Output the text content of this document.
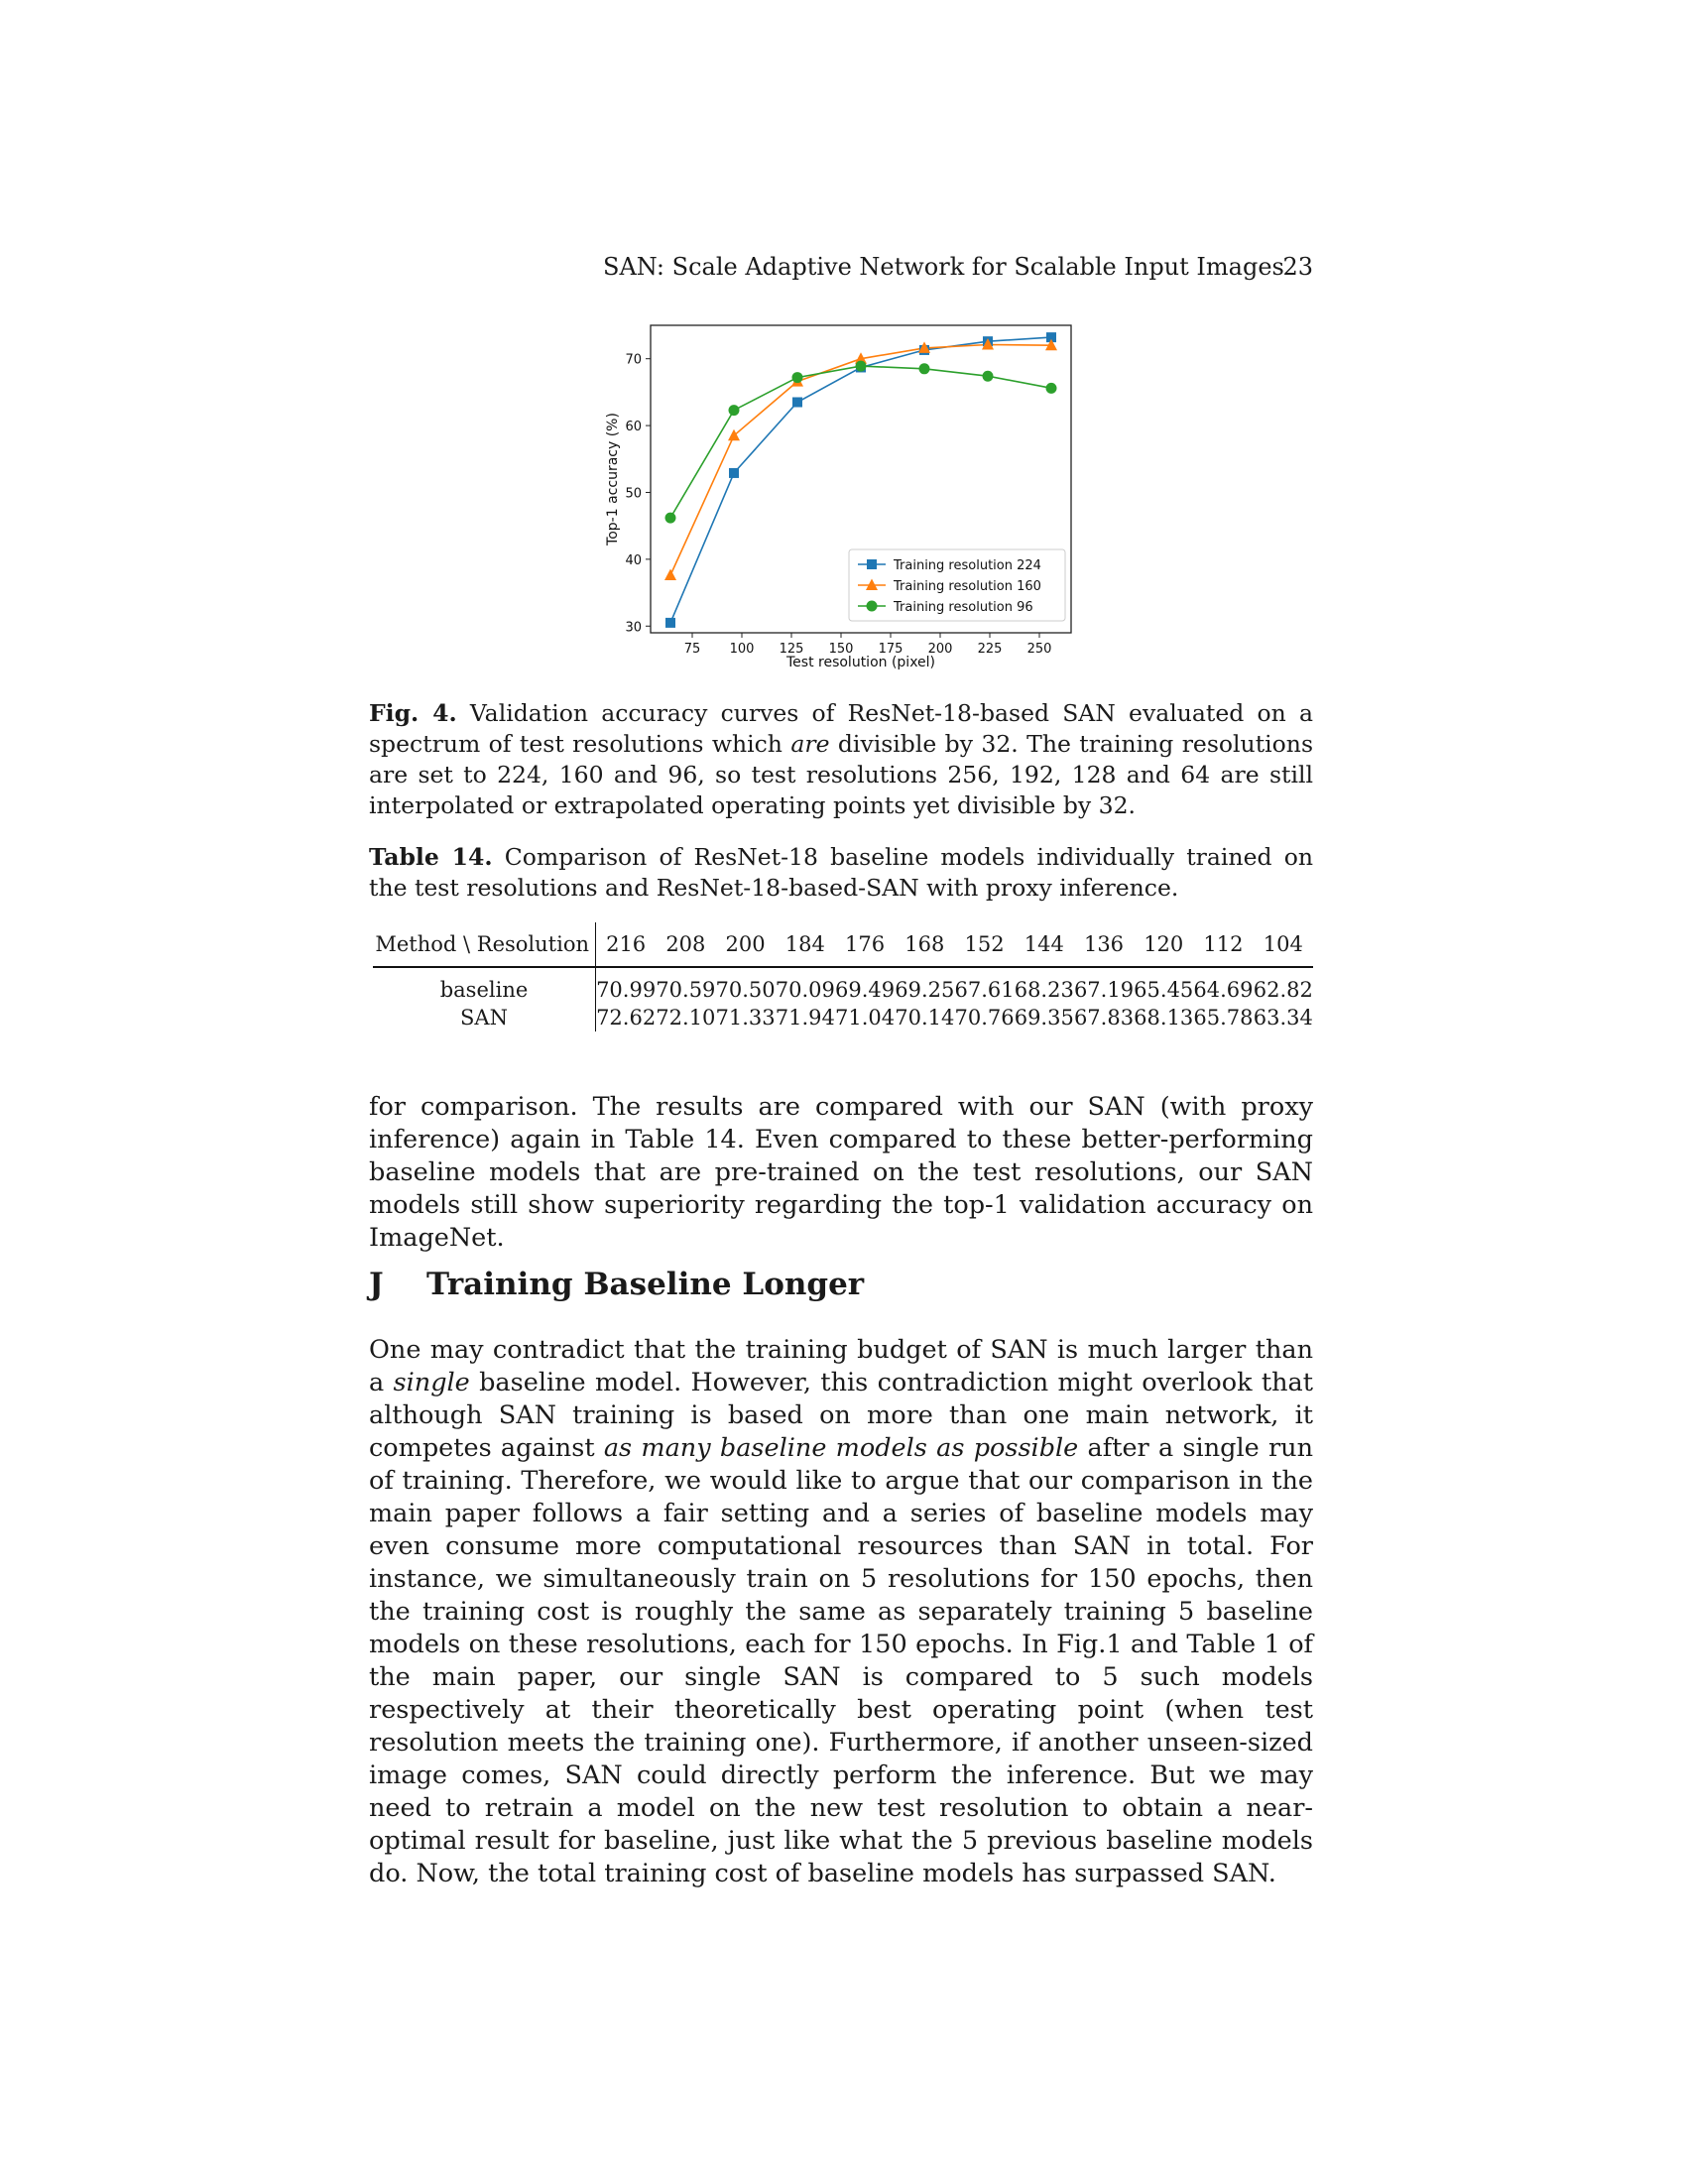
SAN: Scale Adaptive Network for Scalable Input Images
23
75 100 125 150 175 200 225 250
30
40
50
60
70
Training resolution 224
Training resolution 160
Training resolution 96
Test resolution (pixel)
Top-1 accuracy (%)

Fig. 4. Validation accuracy curves of ResNet-18-based SAN evaluated on a spectrum of test resolutions which are divisible by 32. The training resolutions are set to 224, 160 and 96, so test resolutions 256, 192, 128 and 64 are still interpolated or extrapolated operating points yet divisible by 32.

Table 14. Comparison of ResNet-18 baseline models individually trained on the test resolutions and ResNet-18-based-SAN with proxy inference.

Method \ Resolution	216	208	200	184	176	168	152	144	136	120	112	104
baseline	70.99	70.59	70.50	70.09	69.49	69.25	67.61	68.23	67.19	65.45	64.69	62.82
SAN	72.62	72.10	71.33	71.94	71.04	70.14	70.76	69.35	67.83	68.13	65.78	63.34

for comparison. The results are compared with our SAN (with proxy inference) again in Table 14. Even compared to these better-performing baseline models that are pre-trained on the test resolutions, our SAN models still show superiority regarding the top-1 validation accuracy on ImageNet.

J Training Baseline Longer

One may contradict that the training budget of SAN is much larger than a single baseline model. However, this contradiction might overlook that although SAN training is based on more than one main network, it competes against as many baseline models as possible after a single run of training. Therefore, we would like to argue that our comparison in the main paper follows a fair setting and a series of baseline models may even consume more computational resources than SAN in total. For instance, we simultaneously train on 5 resolutions for 150 epochs, then the training cost is roughly the same as separately training 5 baseline models on these resolutions, each for 150 epochs. In Fig.1 and Table 1 of the main paper, our single SAN is compared to 5 such models respectively at their theoretically best operating point (when test resolution meets the training one). Furthermore, if another unseen-sized image comes, SAN could directly perform the inference. But we may need to retrain a model on the new test resolution to obtain a near-optimal result for baseline, just like what the 5 previous baseline models do. Now, the total training cost of baseline models has surpassed SAN.
